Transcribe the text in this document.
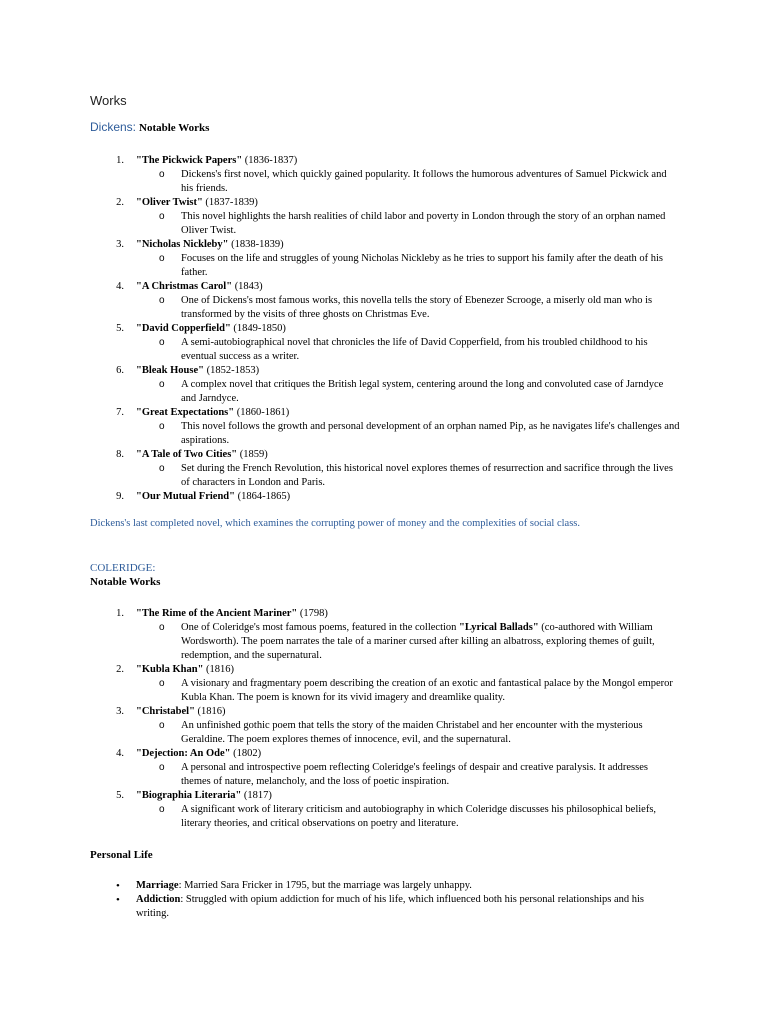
Works
Dickens: Notable Works
1. "The Pickwick Papers" (1836-1837)
o Dickens's first novel, which quickly gained popularity. It follows the humorous adventures of Samuel Pickwick and his friends.
2. "Oliver Twist" (1837-1839)
o This novel highlights the harsh realities of child labor and poverty in London through the story of an orphan named Oliver Twist.
3. "Nicholas Nickleby" (1838-1839)
o Focuses on the life and struggles of young Nicholas Nickleby as he tries to support his family after the death of his father.
4. "A Christmas Carol" (1843)
o One of Dickens's most famous works, this novella tells the story of Ebenezer Scrooge, a miserly old man who is transformed by the visits of three ghosts on Christmas Eve.
5. "David Copperfield" (1849-1850)
o A semi-autobiographical novel that chronicles the life of David Copperfield, from his troubled childhood to his eventual success as a writer.
6. "Bleak House" (1852-1853)
o A complex novel that critiques the British legal system, centering around the long and convoluted case of Jarndyce and Jarndyce.
7. "Great Expectations" (1860-1861)
o This novel follows the growth and personal development of an orphan named Pip, as he navigates life's challenges and aspirations.
8. "A Tale of Two Cities" (1859)
o Set during the French Revolution, this historical novel explores themes of resurrection and sacrifice through the lives of characters in London and Paris.
9. "Our Mutual Friend" (1864-1865)
Dickens's last completed novel, which examines the corrupting power of money and the complexities of social class.
COLERIDGE:
Notable Works
1. "The Rime of the Ancient Mariner" (1798)
o One of Coleridge's most famous poems, featured in the collection "Lyrical Ballads" (co-authored with William Wordsworth). The poem narrates the tale of a mariner cursed after killing an albatross, exploring themes of guilt, redemption, and the supernatural.
2. "Kubla Khan" (1816)
o A visionary and fragmentary poem describing the creation of an exotic and fantastical palace by the Mongol emperor Kubla Khan. The poem is known for its vivid imagery and dreamlike quality.
3. "Christabel" (1816)
o An unfinished gothic poem that tells the story of the maiden Christabel and her encounter with the mysterious Geraldine. The poem explores themes of innocence, evil, and the supernatural.
4. "Dejection: An Ode" (1802)
o A personal and introspective poem reflecting Coleridge's feelings of despair and creative paralysis. It addresses themes of nature, melancholy, and the loss of poetic inspiration.
5. "Biographia Literaria" (1817)
o A significant work of literary criticism and autobiography in which Coleridge discusses his philosophical beliefs, literary theories, and critical observations on poetry and literature.
Personal Life
• Marriage: Married Sara Fricker in 1795, but the marriage was largely unhappy.
• Addiction: Struggled with opium addiction for much of his life, which influenced both his personal relationships and his writing.
